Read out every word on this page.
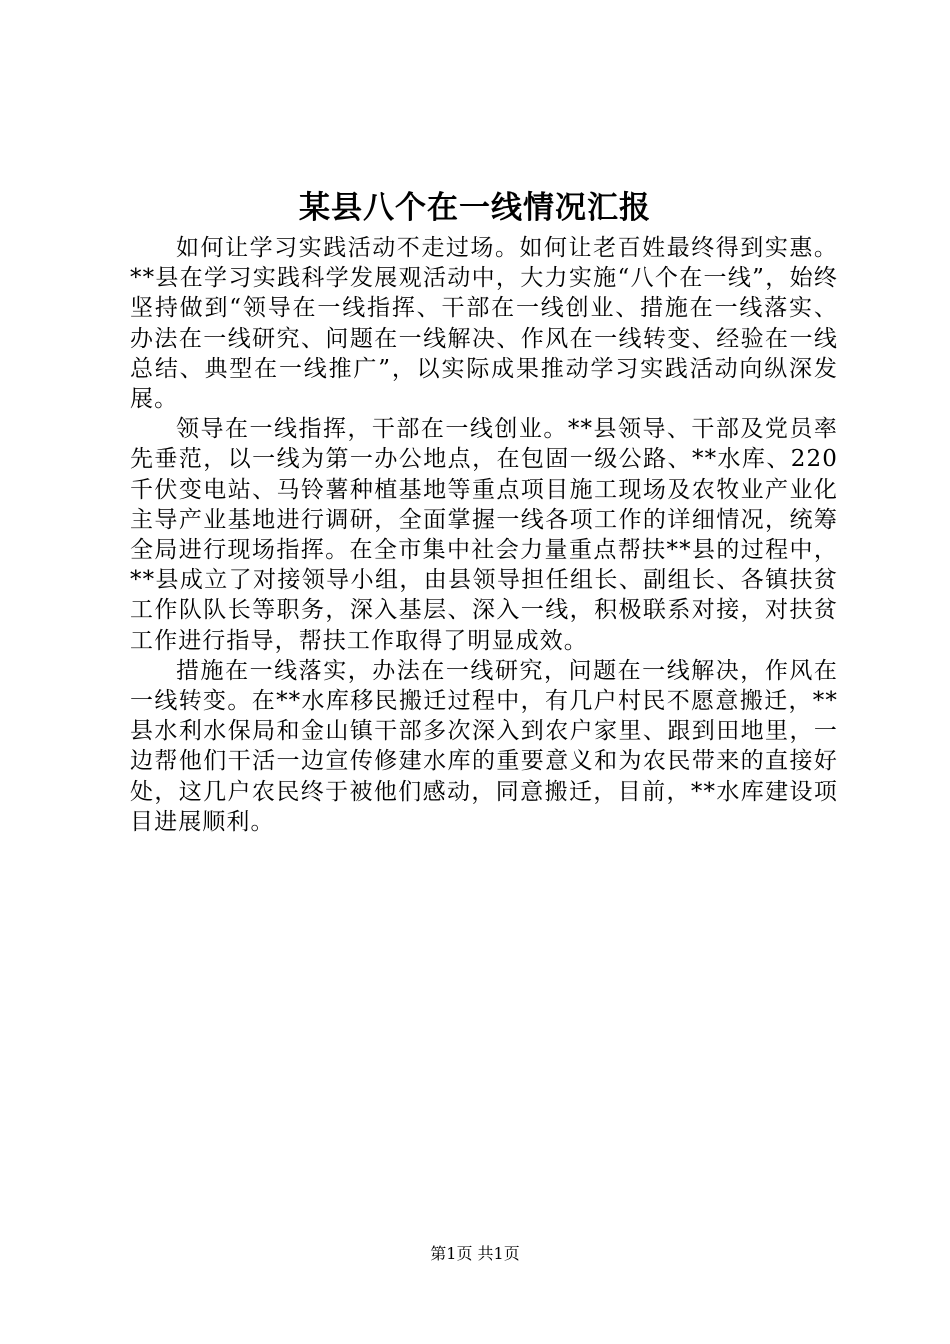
某县八个在一线情况汇报

如何让学习实践活动不走过场。如何让老百姓最终得到实惠。**县在学习实践科学发展观活动中，大力实施“八个在一线”，始终坚持做到“领导在一线指挥、干部在一线创业、措施在一线落实、办法在一线研究、问题在一线解决、作风在一线转变、经验在一线总结、典型在一线推广”，以实际成果推动学习实践活动向纵深发展。

领导在一线指挥，干部在一线创业。**县领导、干部及党员率先垂范，以一线为第一办公地点，在包固一级公路、**水库、220千伏变电站、马铃薯种植基地等重点项目施工现场及农牧业产业化主导产业基地进行调研，全面掌握一线各项工作的详细情况，统筹全局进行现场指挥。在全市集中社会力量重点帮扶**县的过程中，**县成立了对接领导小组，由县领导担任组长、副组长、各镇扶贫工作队队长等职务，深入基层、深入一线，积极联系对接，对扶贫工作进行指导，帮扶工作取得了明显成效。

措施在一线落实，办法在一线研究，问题在一线解决，作风在一线转变。在**水库移民搬迁过程中，有几户村民不愿意搬迁，**县水利水保局和金山镇干部多次深入到农户家里、跟到田地里，一边帮他们干活一边宣传修建水库的重要意义和为农民带来的直接好处，这几户农民终于被他们感动，同意搬迁，目前，**水库建设项目进展顺利。

第1页 共1页
